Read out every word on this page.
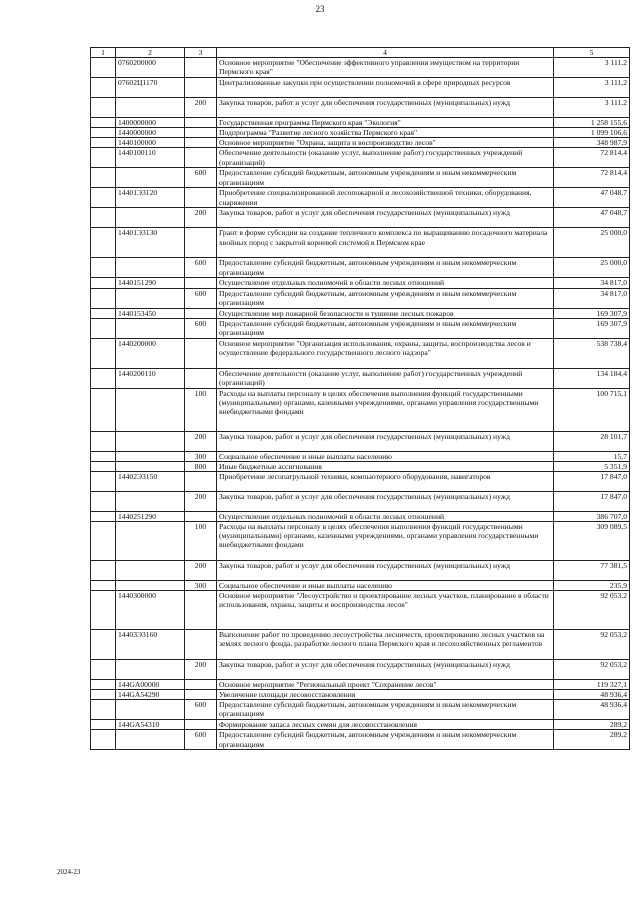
23
1	2	3	4	5
	0760200000		Основное мероприятие "Обеспечение эффективного управления имуществом на территории Пермского края"	3 111,2
	07602Ц1170		Централизованные закупки при осуществлении полномочий в сфере природных ресурсов	3 111,2
		200	Закупка товаров, работ и услуг для обеспечения государственных (муниципальных) нужд	3 111,2
	1400000000		Государственная программа Пермского края "Экология"	1 258 155,6
	1440000000		Подпрограмма "Развитие лесного хозяйства Пермского края"	1 099 106,6
	1440100000		Основное мероприятие "Охрана, защита и воспроизводство лесов"	348 987,9
	1440100110		Обеспечение деятельности (оказание услуг, выполнение работ) государственных учреждений (организаций)	72 814,4
		600	Предоставление субсидий бюджетным, автономным учреждениям и иным некоммерческим организациям	72 814,4
	14401Э3120		Приобретение специализированной лесопожарной и лесохозяйственной техники, оборудования, снаряжения	47 048,7
		200	Закупка товаров, работ и услуг для обеспечения государственных (муниципальных) нужд	47 048,7
	14401Э3130		Грант в форме субсидии на создание тепличного комплекса по выращиванию посадочного материала хвойных пород с закрытой корневой системой в Пермском крае	25 000,0
		600	Предоставление субсидий бюджетным, автономным учреждениям и иным некоммерческим организациям	25 000,0
	1440151290		Осуществление отдельных полномочий в области лесных отношений	34 817,0
		600	Предоставление субсидий бюджетным, автономным учреждениям и иным некоммерческим организациям	34 817,0
	1440153450		Осуществление мер пожарной безопасности и тушение лесных пожаров	169 307,9
		600	Предоставление субсидий бюджетным, автономным учреждениям и иным некоммерческим организациям	169 307,9
	1440200000		Основное мероприятие "Организация использования, охраны, защиты, воспроизводства лесов и осуществление федерального государственного лесного надзора"	538 738,4
	1440200110		Обеспечение деятельности (оказание услуг, выполнение работ) государственных учреждений (организаций)	134 184,4
		100	Расходы на выплаты персоналу в целях обеспечения выполнения функций государственными (муниципальными) органами, казенными учреждениями, органами управления государственными внебюджетными фондами	100 715,1
		200	Закупка товаров, работ и услуг для обеспечения государственных (муниципальных) нужд	28 101,7
		300	Социальное обеспечение и иные выплаты населению	15,7
		800	Иные бюджетные ассигнования	5 351,9
	14402Э3150		Приобретение лесопатрульной техники, компьютерного оборудования, навигаторов	17 847,0
		200	Закупка товаров, работ и услуг для обеспечения государственных (муниципальных) нужд	17 847,0
	1440251290		Осуществление отдельных полномочий в области лесных отношений	386 707,0
		100	Расходы на выплаты персоналу в целях обеспечения выполнения функций государственными (муниципальными) органами, казенными учреждениями, органами управления государственными внебюджетными фондами	309 089,5
		200	Закупка товаров, работ и услуг для обеспечения государственных (муниципальных) нужд	77 381,5
		300	Социальное обеспечение и иные выплаты населению	235,9
	1440300000		Основное мероприятие "Лесоустройство и проектирование лесных участков, планирование в области использования, охраны, защиты и воспроизводства лесов"	92 053,2
	14403Э3160		Выполнение работ по проведению лесоустройства лесничеств, проектированию лесных участков на землях лесного фонда, разработке лесного плана Пермского края и лесохозяйственных регламентов	92 053,2
		200	Закупка товаров, работ и услуг для обеспечения государственных (муниципальных) нужд	92 053,2
	144GA00000		Основное мероприятие "Региональный проект "Сохранение лесов"	119 327,1
	144GA54290		Увеличение площади лесовосстановления	48 936,4
		600	Предоставление субсидий бюджетным, автономным учреждениям и иным некоммерческим организациям	48 936,4
	144GA54310		Формирование запаса лесных семян для лесовосстановления	289,2
		600	Предоставление субсидий бюджетным, автономным учреждениям и иным некоммерческим организациям	289,2
2024-23
